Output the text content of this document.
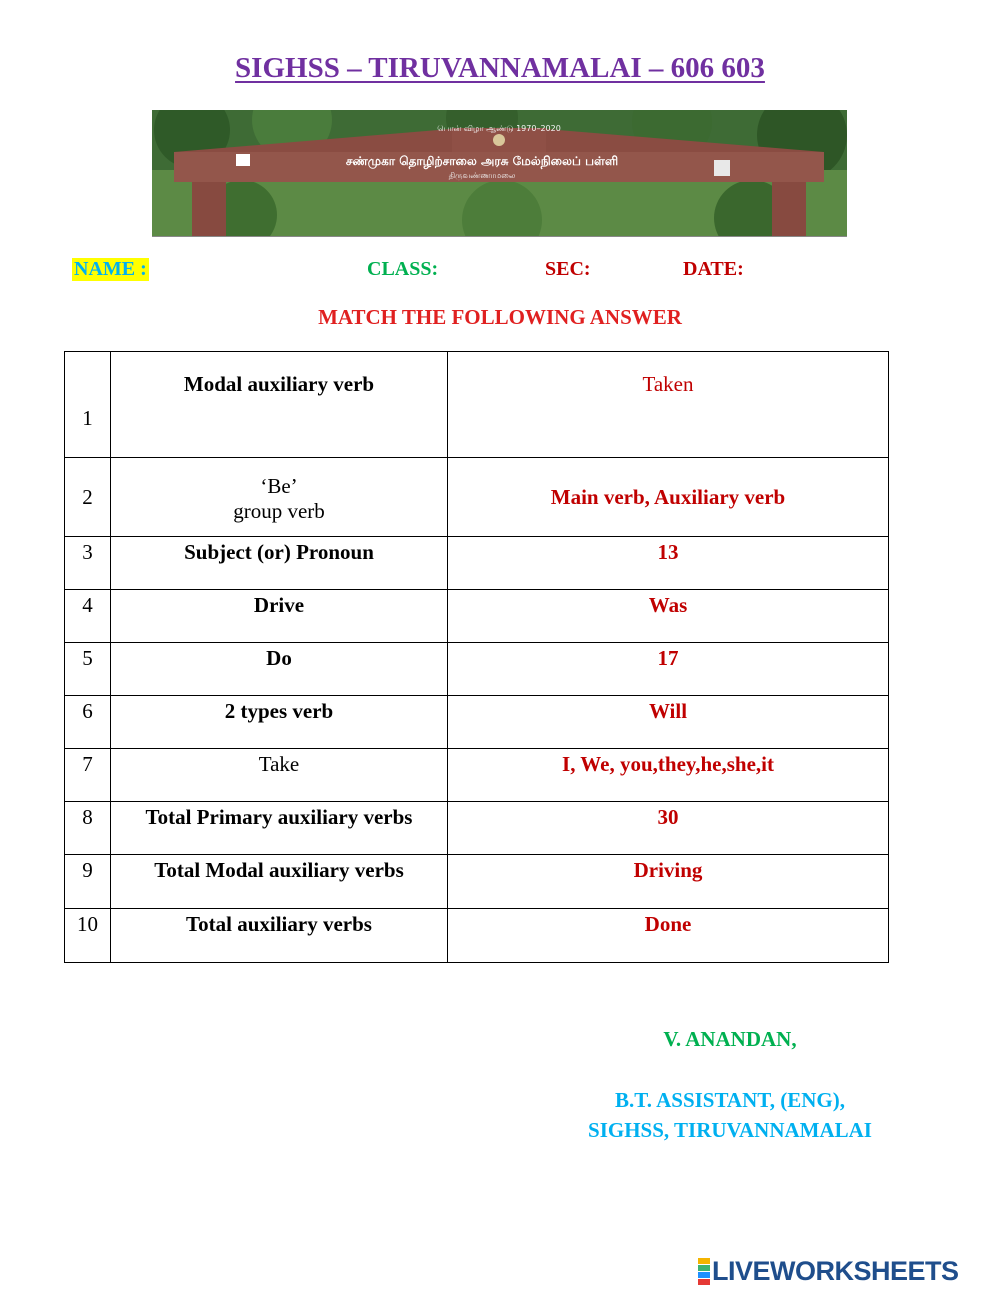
SIGHSS – TIRUVANNAMALAI – 606 603
பொன் விழா ஆண்டு 1970–2020
சண்முகா தொழிற்சாலை அரசு மேல்நிலைப் பள்ளி
திருவண்ணாமலை
NAME :	CLASS:	SEC:	DATE:
MATCH THE FOLLOWING ANSWER
1	Modal auxiliary verb	Taken
2	‘Be’
group verb	Main verb, Auxiliary verb
3	Subject (or) Pronoun	13
4	Drive	Was
5	Do	17
6	2 types verb	Will
7	Take	I, We, you,they,he,she,it
8	Total Primary auxiliary verbs	30
9	Total Modal auxiliary verbs	Driving
10	Total auxiliary verbs	Done
V. ANANDAN,
B.T. ASSISTANT, (ENG),
SIGHSS, TIRUVANNAMALAI
LIVEWORKSHEETS
